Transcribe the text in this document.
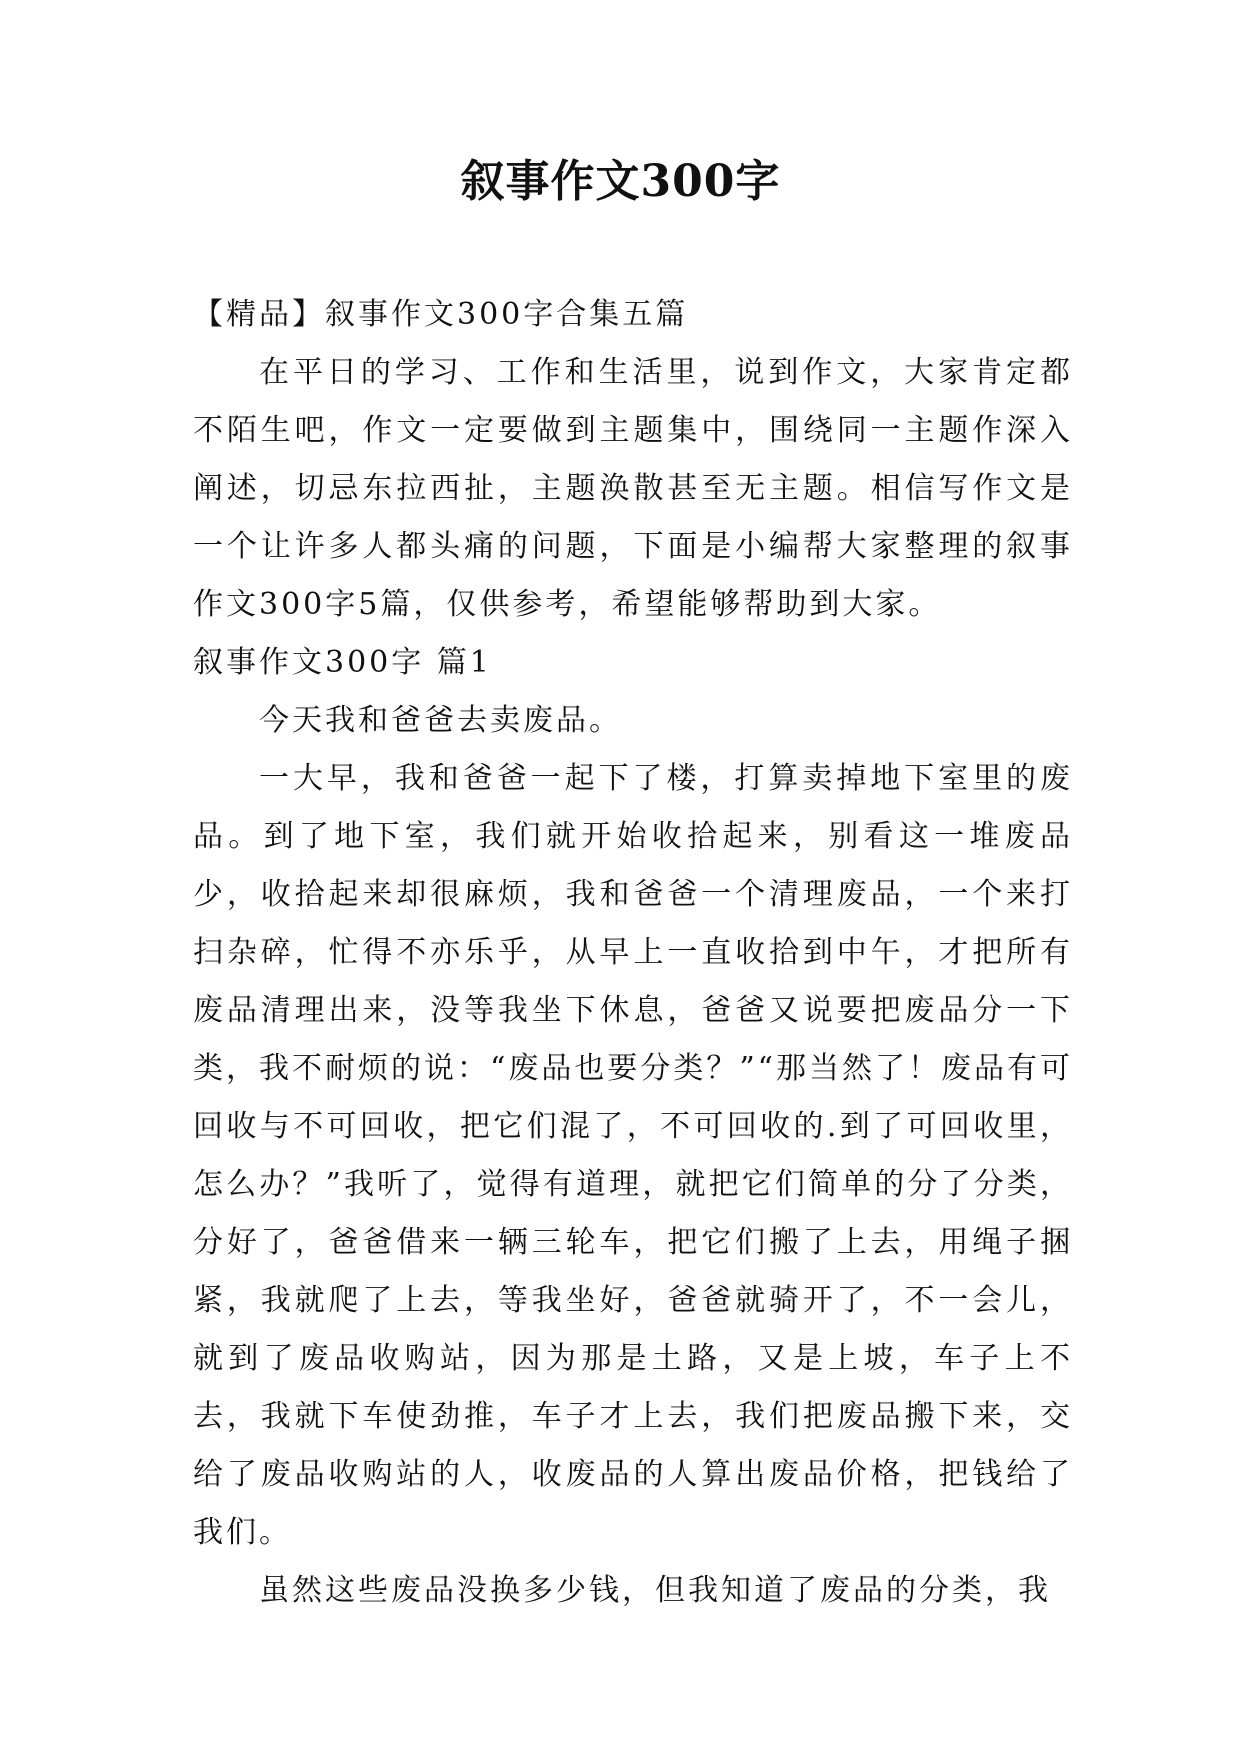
叙事作文300字

【精品】叙事作文300字合集五篇

在平日的学习、工作和生活里，说到作文，大家肯定都不陌生吧，作文一定要做到主题集中，围绕同一主题作深入阐述，切忌东拉西扯，主题涣散甚至无主题。相信写作文是一个让许多人都头痛的问题，下面是小编帮大家整理的叙事作文300字5篇，仅供参考，希望能够帮助到大家。

叙事作文300字 篇1

今天我和爸爸去卖废品。

一大早，我和爸爸一起下了楼，打算卖掉地下室里的废品。到了地下室，我们就开始收拾起来，别看这一堆废品少，收拾起来却很麻烦，我和爸爸一个清理废品，一个来打扫杂碎，忙得不亦乐乎，从早上一直收拾到中午，才把所有废品清理出来，没等我坐下休息，爸爸又说要把废品分一下类，我不耐烦的说：“废品也要分类？”“那当然了！废品有可回收与不可回收，把它们混了，不可回收的.到了可回收里，怎么办？”我听了，觉得有道理，就把它们简单的分了分类，分好了，爸爸借来一辆三轮车，把它们搬了上去，用绳子捆紧，我就爬了上去，等我坐好，爸爸就骑开了，不一会儿，就到了废品收购站，因为那是土路，又是上坡，车子上不去，我就下车使劲推，车子才上去，我们把废品搬下来，交给了废品收购站的人，收废品的人算出废品价格，把钱给了我们。

虽然这些废品没换多少钱，但我知道了废品的分类，我
